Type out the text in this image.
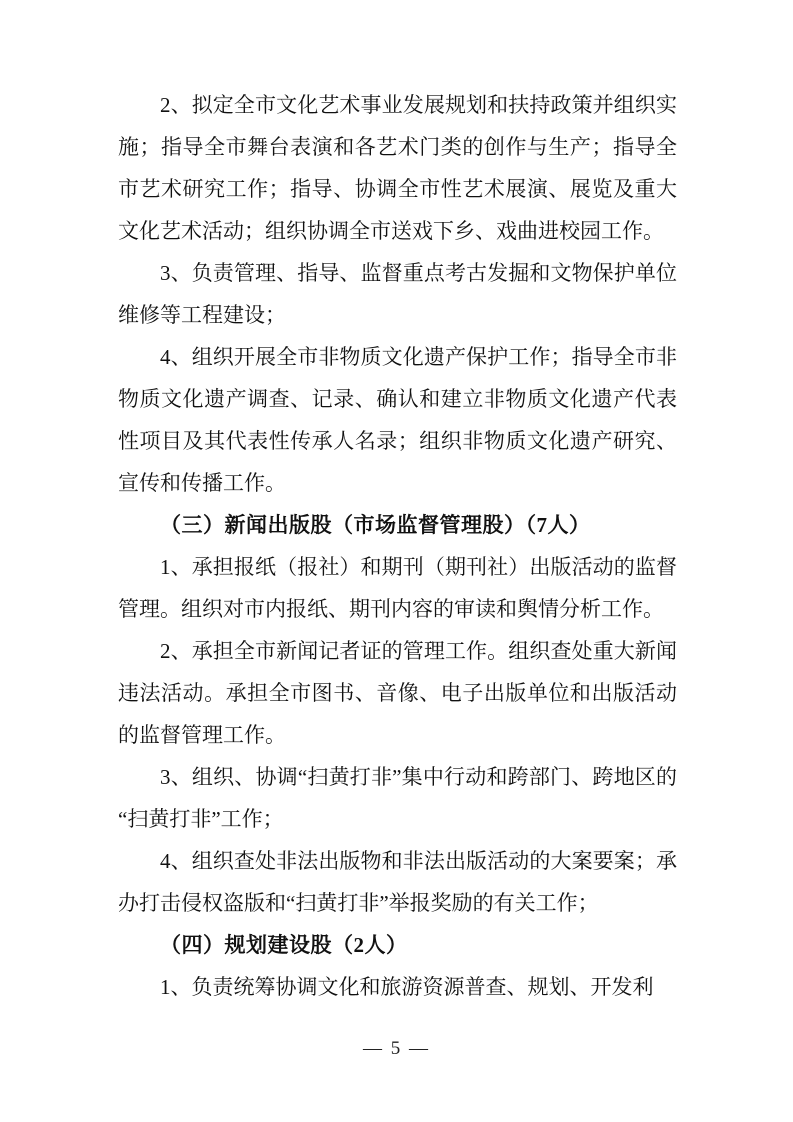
2、拟定全市文化艺术事业发展规划和扶持政策并组织实施；指导全市舞台表演和各艺术门类的创作与生产；指导全市艺术研究工作；指导、协调全市性艺术展演、展览及重大文化艺术活动；组织协调全市送戏下乡、戏曲进校园工作。

3、负责管理、指导、监督重点考古发掘和文物保护单位维修等工程建设；

4、组织开展全市非物质文化遗产保护工作；指导全市非物质文化遗产调查、记录、确认和建立非物质文化遗产代表性项目及其代表性传承人名录；组织非物质文化遗产研究、宣传和传播工作。

（三）新闻出版股（市场监督管理股）（7人）

1、承担报纸（报社）和期刊（期刊社）出版活动的监督管理。组织对市内报纸、期刊内容的审读和舆情分析工作。

2、承担全市新闻记者证的管理工作。组织查处重大新闻违法活动。承担全市图书、音像、电子出版单位和出版活动的监督管理工作。

3、组织、协调“扫黄打非”集中行动和跨部门、跨地区的“扫黄打非”工作；

4、组织查处非法出版物和非法出版活动的大案要案；承办打击侵权盗版和“扫黄打非”举报奖励的有关工作；

（四）规划建设股（2人）

1、负责统筹协调文化和旅游资源普查、规划、开发利

— 5 —
